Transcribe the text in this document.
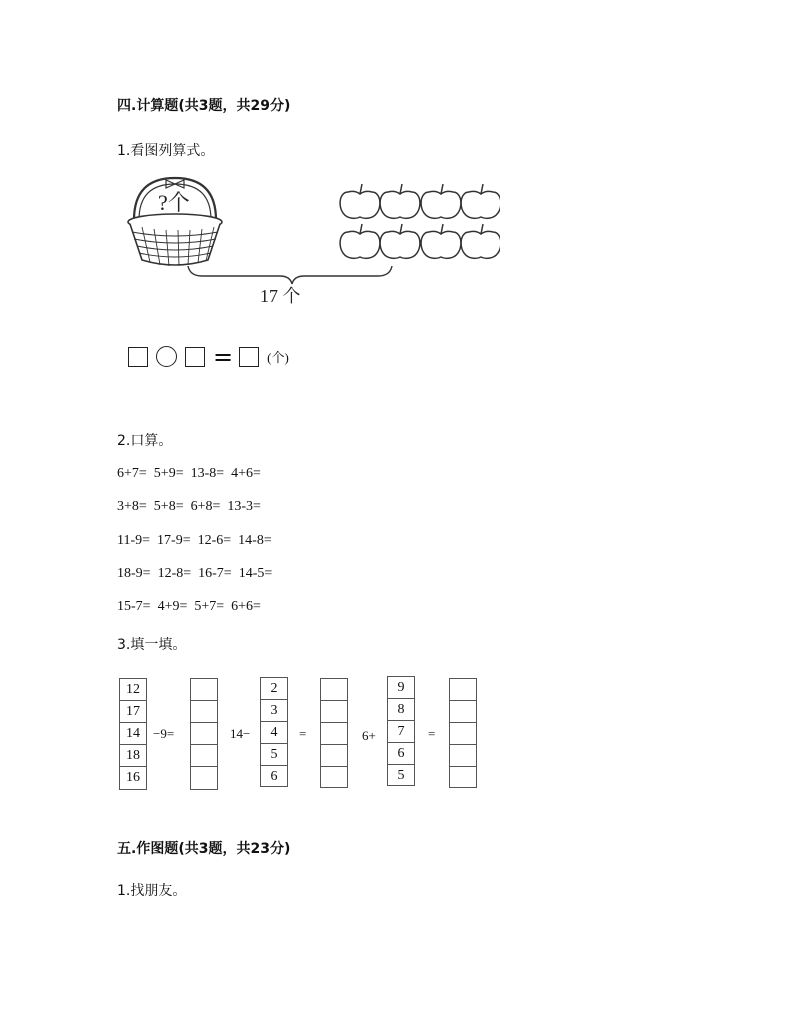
四.计算题(共3题，共29分)
1.看图列算式。
?个
17 个
=	(个)
2.口算。
6+7= 5+9= 13-8= 4+6=
3+8= 5+8= 6+8= 13-3=
11-9= 17-9= 12-6= 14-8=
18-9= 12-8= 16-7= 14-5=
15-7= 4+9= 5+7= 6+6=
3.填一填。
12
17
14
18
16
−9=	14−
2
3
4
5
6
=	6+
9
8
7
6
5
=
五.作图题(共3题，共23分)
1.找朋友。
